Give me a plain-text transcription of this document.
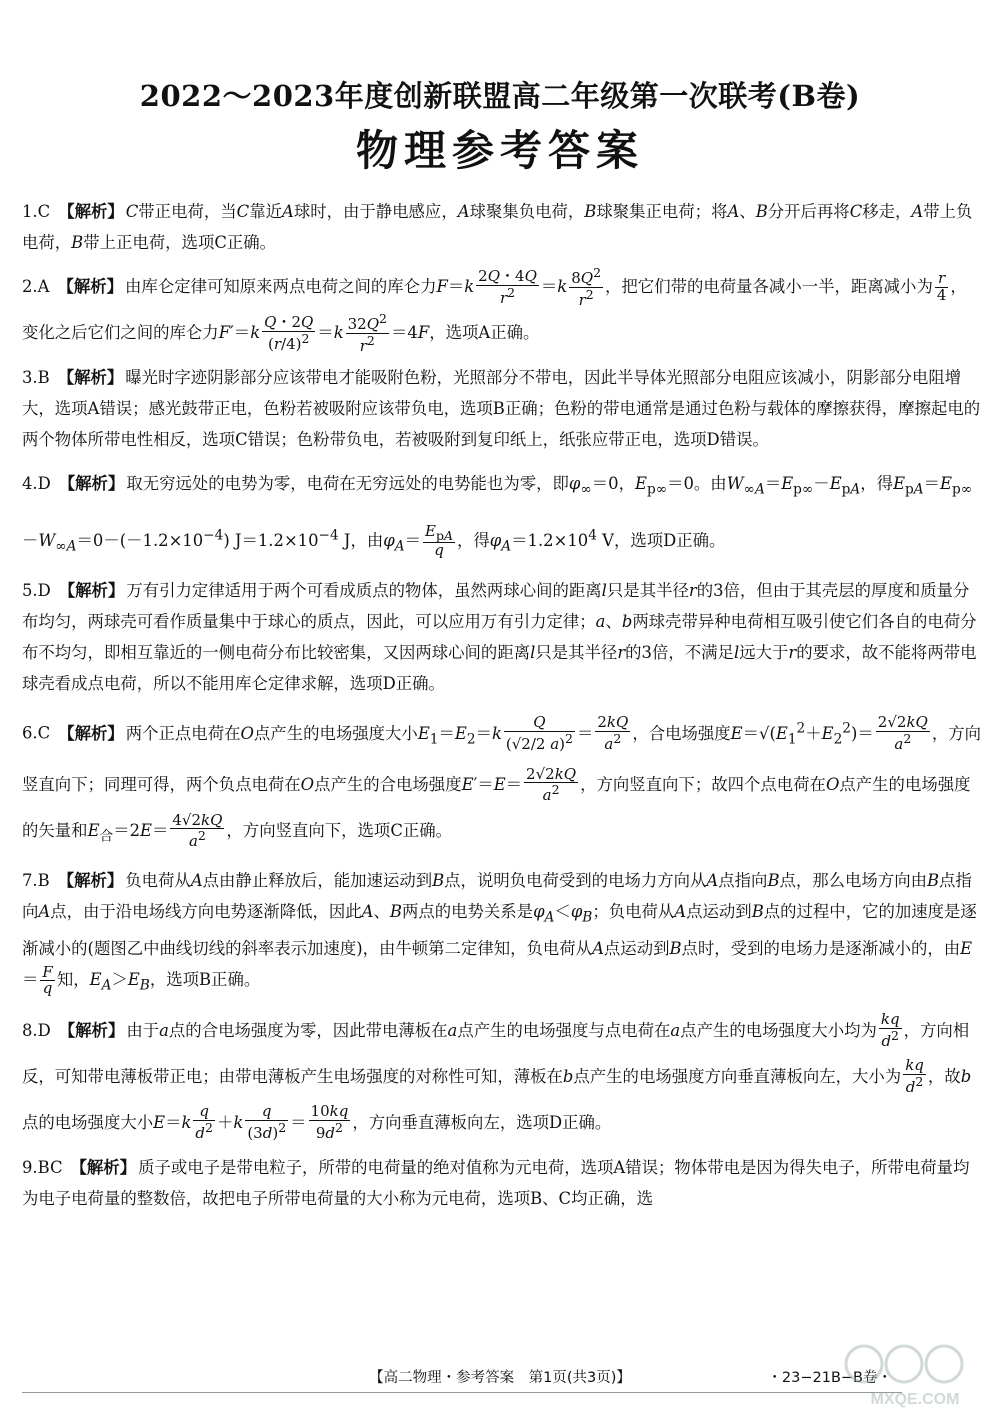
2022～2023年度创新联盟高二年级第一次联考(B卷)
物理参考答案
1.C 【解析】 C带正电荷，当C靠近A球时，由于静电感应，A球聚集负电荷，B球聚集正电荷；将A、B分开后再将C移走，A带上负电荷，B带上正电荷，选项C正确。
2.A 【解析】 由库仑定律可知原来两点电荷之间的库仑力$F=k \frac{2Q・4Q}{r^2} =k \frac{8Q^2}{r^2}$ ，把它们带的电荷量各减小一半，距离减小为 $\frac{r}{4}$ ，变化之后它们之间的库仑力$F'=k \frac{Q・2Q}{(r/4)^2} =k \frac{32Q^2}{r^2} =4F$，选项A正确。
3.B 【解析】 曝光时字迹阴影部分应该带电才能吸附色粉，光照部分不带电，因此半导体光照部分电阻应该减小，阴影部分电阻增大，选项A错误；感光鼓带正电，色粉若被吸附应该带负电，选项B正确；色粉的带电通常是通过色粉与载体的摩擦获得，摩擦起电的两个物体所带电性相反，选项C错误；色粉带负电，若被吸附到复印纸上，纸张应带正电，选项D错误。
4.D 【解析】 取无穷远处的电势为零，电荷在无穷远处的电势能也为零，即$\varphi_\infty=0$，$E_{p\infty}=0$。由$W_{\infty A}=E_{p\infty}-E_{pA}$，得$E_{pA}=E_{p\infty}-W_{\infty A}=0-(-1.2\times 10^{-4})$ $J=1.2\times 10^{-4}$ J，由$\varphi_A= \frac{E_{pA}}{q}$ ，得$\varphi_A=1.2\times 10^4$ V，选项D正确。
5.D 【解析】 万有引力定律适用于两个可看成质点的物体，虽然两球心间的距离l只是其半径r的3倍，但由于其壳层的厚度和质量分布均匀，两球壳可看作质量集中于球心的质点，因此，可以应用万有引力定律；a、b两球壳带异种电荷相互吸引使它们各自的电荷分布不均匀，即相互靠近的一侧电荷分布比较密集，又因两球心间的距离l只是其半径r的3倍，不满足l远大于r的要求，故不能将两带电球壳看成点电荷，所以不能用库仑定律求解，选项D正确。
6.C 【解析】 两个正点电荷在O点产生的电场强度大小$E_1=E_2=k \frac{Q}{(√2/2 a)^2} = \frac{2kQ}{a^2}$ ，合电场强度$E=√(E_1^2+E_2^2)= \frac{2√2kQ}{a^2}$ ，方向竖直向下；同理可得，两个负点电荷在O点产生的合电场强度$E'=E= \frac{2√2kQ}{a^2}$ ，方向竖直向下；故四个点电荷在O点产生的电场强度的矢量和$E_合=2E= \frac{4√2kQ}{a^2}$ ，方向竖直向下，选项C正确。
7.B 【解析】 负电荷从A点由静止释放后，能加速运动到B点，说明负电荷受到的电场力方向从A点指向B点，那么电场方向由B点指向A点，由于沿电场线方向电势逐渐降低，因此A、B两点的电势关系是$\varphi_A<\varphi_B$；负电荷从A点运动到B点的过程中，它的加速度是逐渐减小的(题图乙中曲线切线的斜率表示加速度)，由牛顿第二定律知，负电荷从A点运动到B点时，受到的电场力是逐渐减小的，由$E= \frac{F}{q}$ 知，$E_A>E_B$，选项B正确。
8.D 【解析】 由于a点的合电场强度为零，因此带电薄板在a点产生的电场强度与点电荷在a点产生的电场强度大小均为 $\frac{kq}{d^2}$ ，方向相反，可知带电薄板带正电；由带电薄板产生电场强度的对称性可知，薄板在b点产生的电场强度方向垂直薄板向左，大小为 $\frac{kq}{d^2}$ ，故b点的电场强度大小$E=k \frac{q}{d^2} +k \frac{q}{(3d)^2} = \frac{10kq}{9d^2}$ ，方向垂直薄板向左，选项D正确。
9.BC 【解析】 质子或电子是带电粒子，所带的电荷量的绝对值称为元电荷，选项A错误；物体带电是因为得失电子，所带电荷量均为电子电荷量的整数倍，故把电子所带电荷量的大小称为元电荷，选项B、C均正确，选
【高二物理・参考答案　第1页(共3页)】	・23−21B−B卷・
MXQE.COM
